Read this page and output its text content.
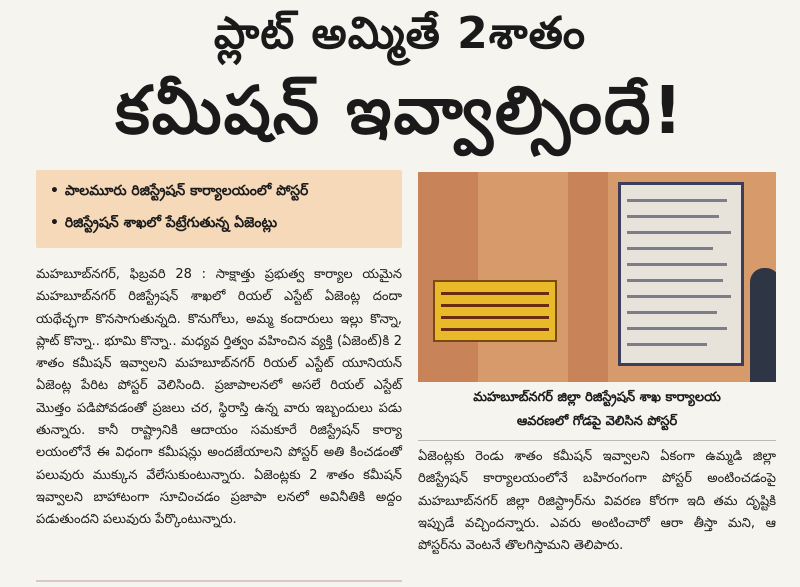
ప్లాట్ అమ్మితే 2శాతం
కమీషన్ ఇవ్వాల్సిందే!
• పాలమూరు రిజిస్ట్రేషన్ కార్యాలయంలో పోస్టర్
• రిజిస్ట్రేషన్ శాఖలో పేట్రేగుతున్న ఏజెంట్లు
మహబూబ్‌నగర్, ఫిబ్రవరి 28 : సాక్షాత్తు ప్రభుత్వ కార్యాల యమైన మహబూబ్‌నగర్ రిజిస్ట్రేషన్ శాఖలో రియల్ ఎస్టేట్ ఏజెంట్ల దందా యథేచ్ఛగా కొనసాగుతున్నది. కొనుగోలు, అమ్మ కందారులు ఇల్లు కొన్నా, ప్లాట్ కొన్నా.. భూమి కొన్నా.. మధ్యవ ర్తిత్వం వహించిన వ్యక్తి (ఏజెంట్)కి 2 శాతం కమీషన్ ఇవ్వాలని మహబూబ్‌నగర్ రియల్ ఎస్టేట్ యూనియన్ ఏజెంట్ల పేరిట పోస్టర్ వెలిసింది. ప్రజాపాలనలో అసలే రియల్ ఎస్టేట్ మొత్తం పడిపోవడంతో ప్రజలు చర, స్థిరాస్తి ఉన్న వారు ఇబ్బందులు పడు తున్నారు. కానీ రాష్ట్రానికి ఆదాయం సమకూరే రిజిస్ట్రేషన్ కార్యా లయంలోనే ఈ విధంగా కమీషన్లు అందజేయాలని పోస్టర్ అతి కించడంతో పలువురు ముక్కున వేలేసుకుంటున్నారు. ఏజెంట్లకు 2 శాతం కమీషన్ ఇవ్వాలని బాహాటంగా సూచించడం ప్రజాపా లనలో అవినీతికి అద్దం పడుతుందని పలువురు పేర్కొంటున్నారు.
మహబూబ్‌నగర్ జిల్లా రిజిస్ట్రేషన్ శాఖ కార్యాలయ
ఆవరణలో గోడపై వెలిసిన పోస్టర్
ఏజెంట్లకు రెండు శాతం కమీషన్ ఇవ్వాలని ఏకంగా ఉమ్మడి జిల్లా రిజిస్ట్రేషన్ కార్యాలయంలోనే బహిరంగంగా పోస్టర్ అంటించడంపై మహబూబ్‌నగర్ జిల్లా రిజిస్ట్రార్‌ను వివరణ కోరగా ఇది తమ దృష్టికి ఇప్పుడే వచ్చిందన్నారు. ఎవరు అంటించారో ఆరా తీస్తా మని, ఆ పోస్టర్‌ను వెంటనే తొలగిస్తామని తెలిపారు.
